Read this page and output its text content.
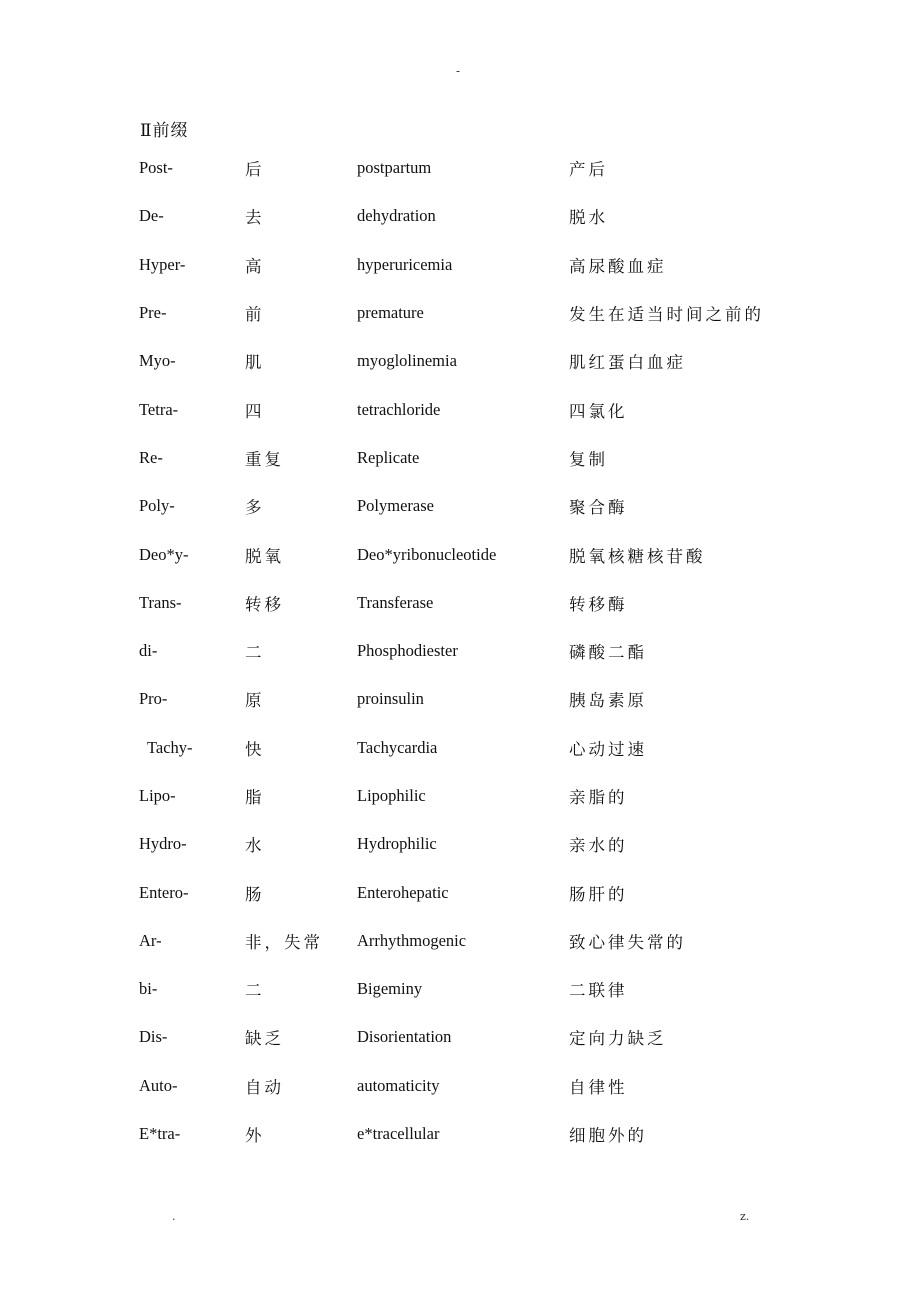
-
Ⅱ前缀
Post-	后	postpartum	产后
De-	去	dehydration	脱水
Hyper-	高	hyperuricemia	高尿酸血症
Pre-	前	premature	发生在适当时间之前的
Myo-	肌	myoglolinemia	肌红蛋白血症
Tetra-	四	tetrachloride	四氯化
Re-	重复	Replicate	复制
Poly-	多	Polymerase	聚合酶
Deo*y-	脱氧	Deo*yribonucleotide	脱氧核糖核苷酸
Trans-	转移	Transferase	转移酶
di-	二	Phosphodiester	磷酸二酯
Pro-	原	proinsulin	胰岛素原
Tachy-	快	Tachycardia	心动过速
Lipo-	脂	Lipophilic	亲脂的
Hydro-	水	Hydrophilic	亲水的
Entero-	肠	Enterohepatic	肠肝的
Ar-	非，失常	Arrhythmogenic	致心律失常的
bi-	二	Bigeminy	二联律
Dis-	缺乏	Disorientation	定向力缺乏
Auto-	自动	automaticity	自律性
E*tra-	外	e*tracellular	细胞外的
.	z.
